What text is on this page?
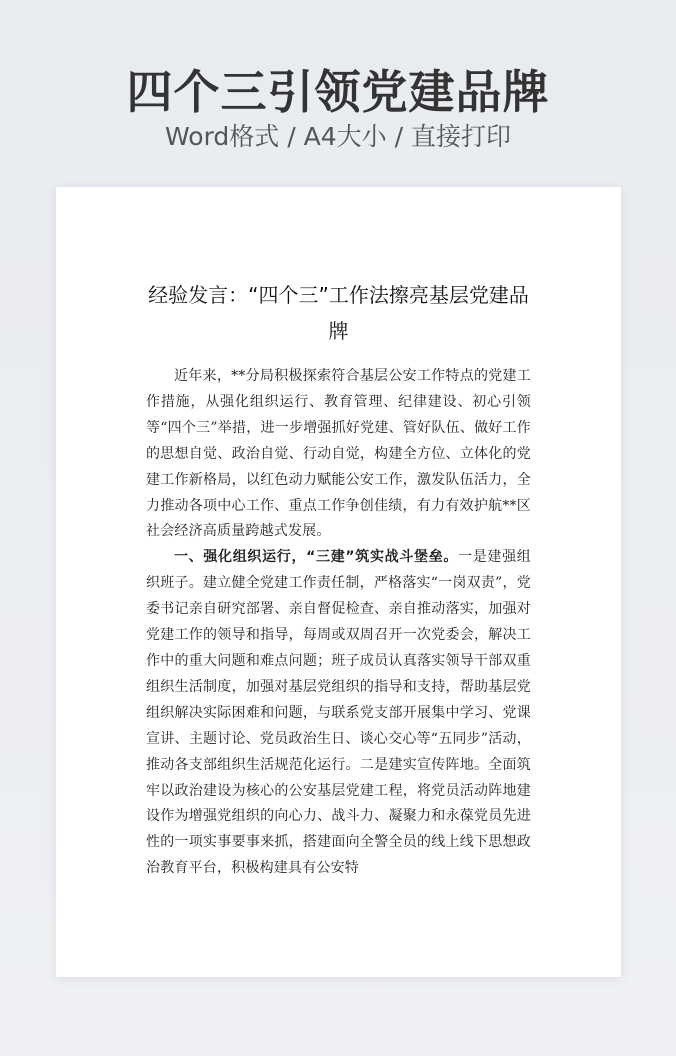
四个三引领党建品牌
Word格式 / A4大小 / 直接打印
经验发言：“四个三”工作法擦亮基层党建品
牌

近年来，**分局积极探索符合基层公安工作特点的党建工作措施，从强化组织运行、教育管理、纪律建设、初心引领等“四个三”举措，进一步增强抓好党建、管好队伍、做好工作的思想自觉、政治自觉、行动自觉，构建全方位、立体化的党建工作新格局，以红色动力赋能公安工作，激发队伍活力，全力推动各项中心工作、重点工作争创佳绩，有力有效护航**区社会经济高质量跨越式发展。

一、强化组织运行，“三建”筑实战斗堡垒。一是建强组织班子。建立健全党建工作责任制，严格落实“一岗双责”，党委书记亲自研究部署、亲自督促检查、亲自推动落实，加强对党建工作的领导和指导，每周或双周召开一次党委会，解决工作中的重大问题和难点问题；班子成员认真落实领导干部双重组织生活制度，加强对基层党组织的指导和支持，帮助基层党组织解决实际困难和问题，与联系党支部开展集中学习、党课宣讲、主题讨论、党员政治生日、谈心交心等“五同步”活动，推动各支部组织生活规范化运行。二是建实宣传阵地。全面筑牢以政治建设为核心的公安基层党建工程，将党员活动阵地建设作为增强党组织的向心力、战斗力、凝聚力和永葆党员先进性的一项实事要事来抓，搭建面向全警全员的线上线下思想政治教育平台，积极构建具有公安特
